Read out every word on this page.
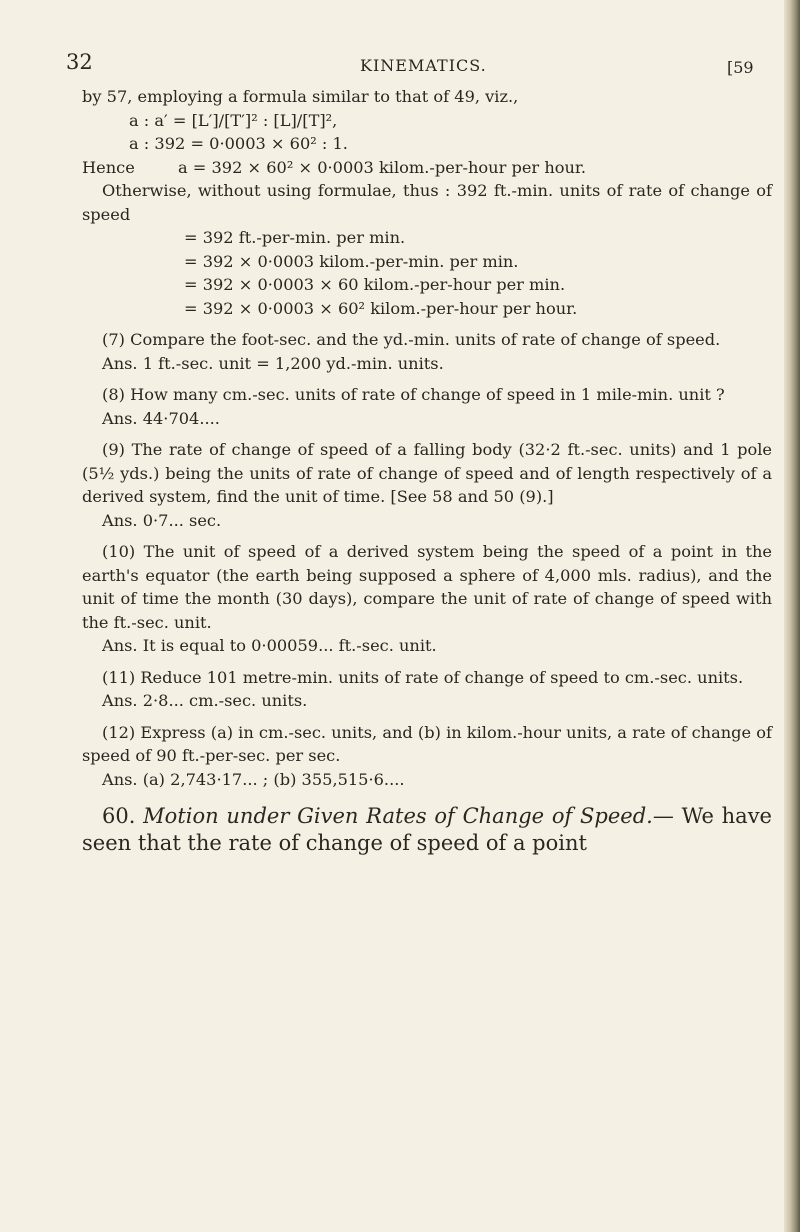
32	KINEMATICS.	[59

by 57, employing a formula similar to that of 49, viz.,

a : a′ = [L′]/[T′]² : [L]/[T]²,

a : 392 = 0·0003 × 60² : 1.

Hence	a = 392 × 60² × 0·0003 kilom.-per-hour per hour.

Otherwise, without using formulae, thus : 392 ft.-min. units of rate of change of speed

= 392 ft.-per-min. per min.

= 392 × 0·0003 kilom.-per-min. per min.

= 392 × 0·0003 × 60 kilom.-per-hour per min.

= 392 × 0·0003 × 60² kilom.-per-hour per hour.

(7) Compare the foot-sec. and the yd.-min. units of rate of change of speed.

Ans. 1 ft.-sec. unit = 1,200 yd.-min. units.

(8) How many cm.-sec. units of rate of change of speed in 1 mile-min. unit ?

Ans. 44·704....

(9) The rate of change of speed of a falling body (32·2 ft.-sec. units) and 1 pole (5½ yds.) being the units of rate of change of speed and of length respectively of a derived system, find the unit of time. [See 58 and 50 (9).]

Ans. 0·7... sec.

(10) The unit of speed of a derived system being the speed of a point in the earth's equator (the earth being supposed a sphere of 4,000 mls. radius), and the unit of time the month (30 days), compare the unit of rate of change of speed with the ft.-sec. unit.

Ans. It is equal to 0·00059... ft.-sec. unit.

(11) Reduce 101 metre-min. units of rate of change of speed to cm.-sec. units.

Ans. 2·8... cm.-sec. units.

(12) Express (a) in cm.-sec. units, and (b) in kilom.-hour units, a rate of change of speed of 90 ft.-per-sec. per sec.

Ans. (a) 2,743·17... ; (b) 355,515·6....

60. Motion under Given Rates of Change of Speed.— We have seen that the rate of change of speed of a point
